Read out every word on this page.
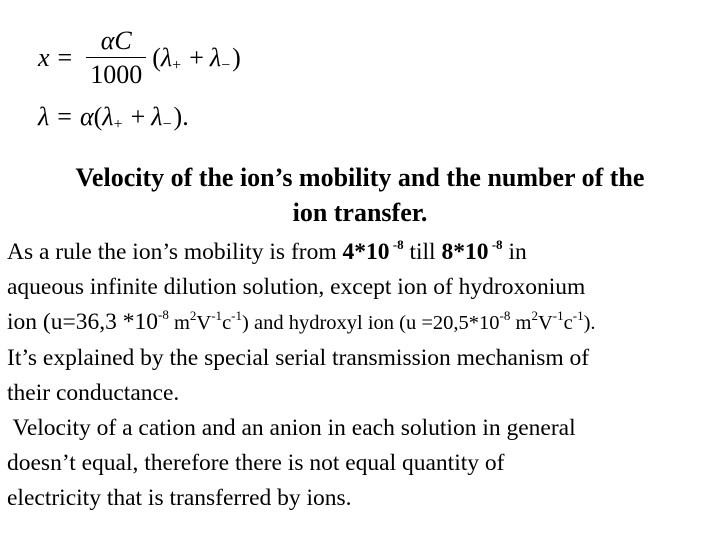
$x = \frac{\alpha C}{1000}$ ( λ + + λ − )
λ = α ( λ + + λ − ).
Velocity of the ion’s mobility and the number of the
ion transfer.
As a rule the ion’s mobility is from 4*10 $^{-8}$ till 8*10 $^{-8}$ in
aqueous infinite dilution solution, except ion of hydroxonium
ion (u=36,3 $*10^{-8}$ $m^2V^{-1}c^{-1}$) and hydroxyl ion ($u =20,5*10^{-8}$ $m^2V^{-1}c^{-1}$).
It’s explained by the special serial transmission mechanism of
their conductance.
Velocity of a cation and an anion in each solution in general
doesn’t equal, therefore there is not equal quantity of
electricity that is transferred by ions.
